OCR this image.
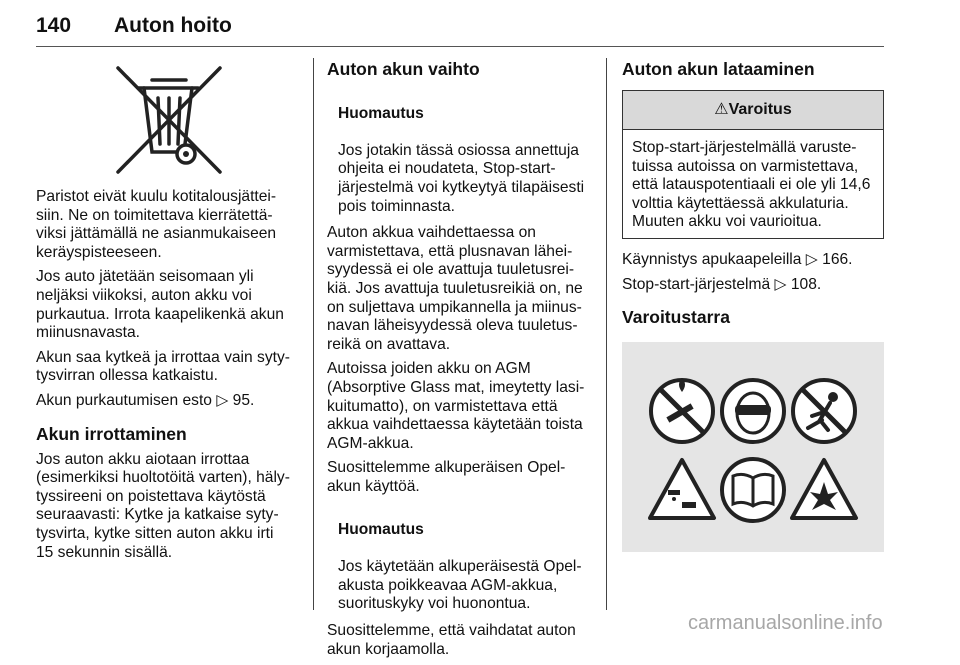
140 Auton hoito

Paristot eivät kuulu kotitalousjättei-
siin. Ne on toimitettava kierrätettä-
viksi jättämällä ne asianmukaiseen
keräyspisteeseen.

Jos auto jätetään seisomaan yli
neljäksi viikoksi, auton akku voi
purkautua. Irrota kaapelikenkä akun
miinusnavasta.

Akun saa kytkeä ja irrottaa vain syty-
tysvirran ollessa katkaistu.

Akun purkautumisen esto ▷ 95.

Akun irrottaminen

Jos auton akku aiotaan irrottaa
(esimerkiksi huoltotöitä varten), häly-
tyssireeni on poistettava käytöstä
seuraavasti: Kytke ja katkaise syty-
tysvirta, kytke sitten auton akku irti
15 sekunnin sisällä.

Auton akun vaihto

Huomautus

Jos jotakin tässä osiossa annettuja
ohjeita ei noudateta, Stop-start-
järjestelmä voi kytkeytyä tilapäisesti
pois toiminnasta.

Auton akkua vaihdettaessa on
varmistettava, että plusnavan lähei-
syydessä ei ole avattuja tuuletusrei-
kiä. Jos avattuja tuuletusreikiä on, ne
on suljettava umpikannella ja miinus-
navan läheisyydessä oleva tuuletus-
reikä on avattava.

Autoissa joiden akku on AGM
(Absorptive Glass mat, imeytetty lasi-
kuitumatto), on varmistettava että
akkua vaihdettaessa käytetään toista
AGM-akkua.

Suosittelemme alkuperäisen Opel-
akun käyttöä.

Huomautus

Jos käytetään alkuperäisestä Opel-
akusta poikkeavaa AGM-akkua,
suorituskyky voi huonontua.

Suosittelemme, että vaihdatat auton
akun korjaamolla.

Auton akun lataaminen
⚠Varoitus
Stop-start-järjestelmällä varuste-
tuissa autoissa on varmistettava,
että latauspotentiaali ei ole yli 14,6
volttia käytettäessä akkulaturia.
Muuten akku voi vaurioitua.

Käynnistys apukaapeleilla ▷ 166.

Stop-start-järjestelmä ▷ 108.

Varoitustarra
carmanualsonline.info
